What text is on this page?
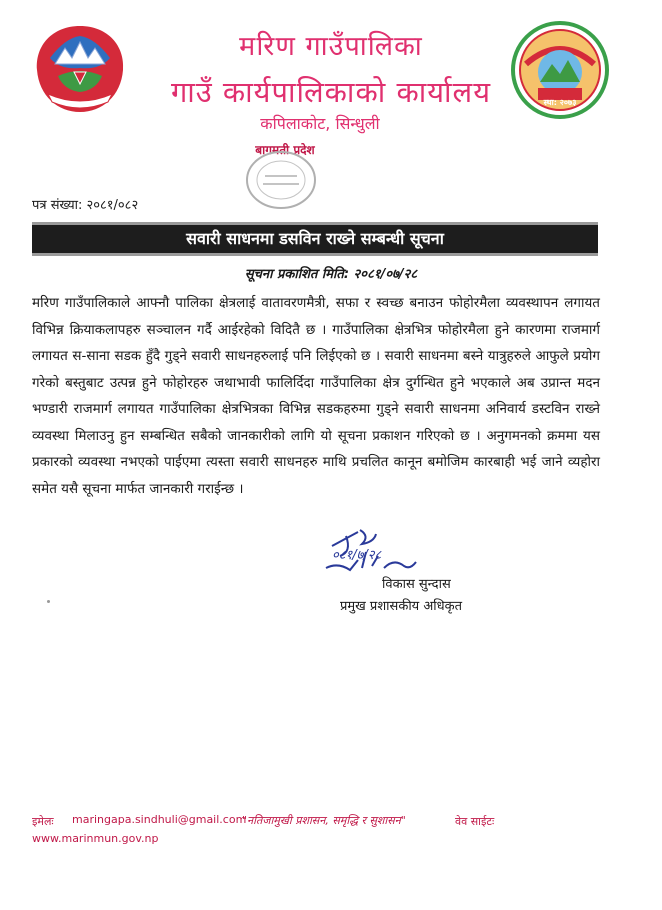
मरिण गाउँपालिका
गाउँ कार्यपालिकाको कार्यालय	स्था: २०७३
कपिलाकोट, सिन्धुली
बागमती प्रदेश
पत्र संख्या: २०८१/०८२
सवारी साधनमा डसविन राख्ने सम्बन्धी सूचना
सूचना प्रकाशित मिति: २०८१/०७/२८

मरिण गाउँपालिकाले आफ्नौ पालिका क्षेत्रलाई वातावरणमैत्री, सफा र स्वच्छ बनाउन फोहोरमैला व्यवस्थापन लगायत विभिन्न क्रियाकलापहरु सञ्चालन गर्दै आईरहेको विदितै छ । गाउँपालिका क्षेत्रभित्र फोहोरमैला हुने कारणमा राजमार्ग लगायत स-साना सडक हुँदै गुड्ने सवारी साधनहरुलाई पनि लिईएको छ । सवारी साधनमा बस्ने यात्रुहरुले आफुले प्रयोग गरेको बस्तुबाट उत्पन्न हुने फोहोरहरु जथाभावी फालिर्दिदा गाउँपालिका क्षेत्र दुर्गन्धित हुने भएकाले अब उप्रान्त मदन भण्डारी राजमार्ग लगायत गाउँपालिका क्षेत्रभित्रका विभिन्न सडकहरुमा गुड्ने सवारी साधनमा अनिवार्य डस्टविन राख्ने व्यवस्था मिलाउनु हुन सम्बन्धित सबैको जानकारीको लागि यो सूचना प्रकाशन गरिएको छ । अनुगमनको क्रममा यस प्रकारको व्यवस्था नभएको पाईएमा त्यस्ता सवारी साधनहरु माथि प्रचलित कानून बमोजिम कारबाही भई जाने व्यहोरा समेत यसै सूचना मार्फत जानकारी गराईन्छ ।

०८१/७/२८
विकास सुन्दास
प्रमुख प्रशासकीय अधिकृत
इमेलः maringapa.sindhuli@gmail.com
"नतिजामुखी प्रशासन, समृद्धि र सुशासन"	वेव साईटः
www.marinmun.gov.np
